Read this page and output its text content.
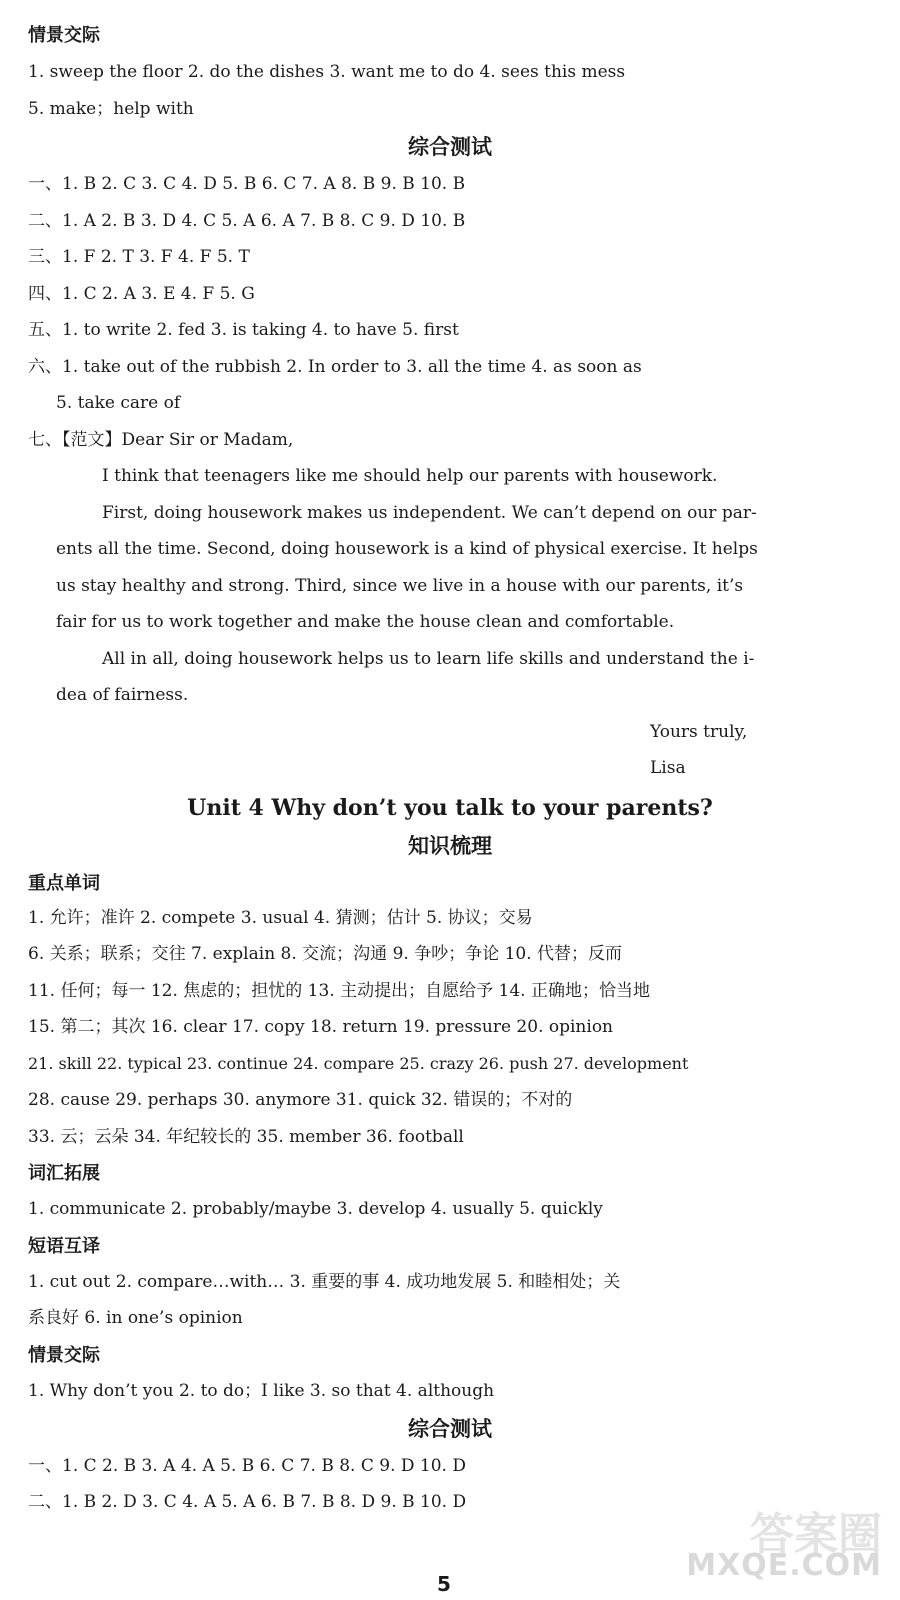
情景交际
1. sweep the floor 2. do the dishes 3. want me to do 4. sees this mess
5. make；help with
综合测试
一、1. B 2. C 3. C 4. D 5. B 6. C 7. A 8. B 9. B 10. B
二、1. A 2. B 3. D 4. C 5. A 6. A 7. B 8. C 9. D 10. B
三、1. F 2. T 3. F 4. F 5. T
四、1. C 2. A 3. E 4. F 5. G
五、1. to write 2. fed 3. is taking 4. to have 5. first
六、1. take out of the rubbish 2. In order to 3. all the time 4. as soon as
5. take care of
七、【范文】Dear Sir or Madam,
I think that teenagers like me should help our parents with housework.
First, doing housework makes us independent. We can’t depend on our par-
ents all the time. Second, doing housework is a kind of physical exercise. It helps
us stay healthy and strong. Third, since we live in a house with our parents, it’s
fair for us to work together and make the house clean and comfortable.
All in all, doing housework helps us to learn life skills and understand the i-
dea of fairness.
Yours truly,
Lisa
Unit 4 Why don’t you talk to your parents?
知识梳理
重点单词
1. 允许；准许 2. compete 3. usual 4. 猜测；估计 5. 协议；交易
6. 关系；联系；交往 7. explain 8. 交流；沟通 9. 争吵；争论 10. 代替；反而
11. 任何；每一 12. 焦虑的；担忧的 13. 主动提出；自愿给予 14. 正确地；恰当地
15. 第二；其次 16. clear 17. copy 18. return 19. pressure 20. opinion
21. skill 22. typical 23. continue 24. compare 25. crazy 26. push 27. development
28. cause 29. perhaps 30. anymore 31. quick 32. 错误的；不对的
33. 云；云朵 34. 年纪较长的 35. member 36. football
词汇拓展
1. communicate 2. probably/maybe 3. develop 4. usually 5. quickly
短语互译
1. cut out 2. compare…with… 3. 重要的事 4. 成功地发展 5. 和睦相处；关
系良好 6. in one’s opinion
情景交际
1. Why don’t you 2. to do；I like 3. so that 4. although
综合测试
一、1. C 2. B 3. A 4. A 5. B 6. C 7. B 8. C 9. D 10. D
二、1. B 2. D 3. C 4. A 5. A 6. B 7. B 8. D 9. B 10. D
答案圈
MXQE.COM
5
